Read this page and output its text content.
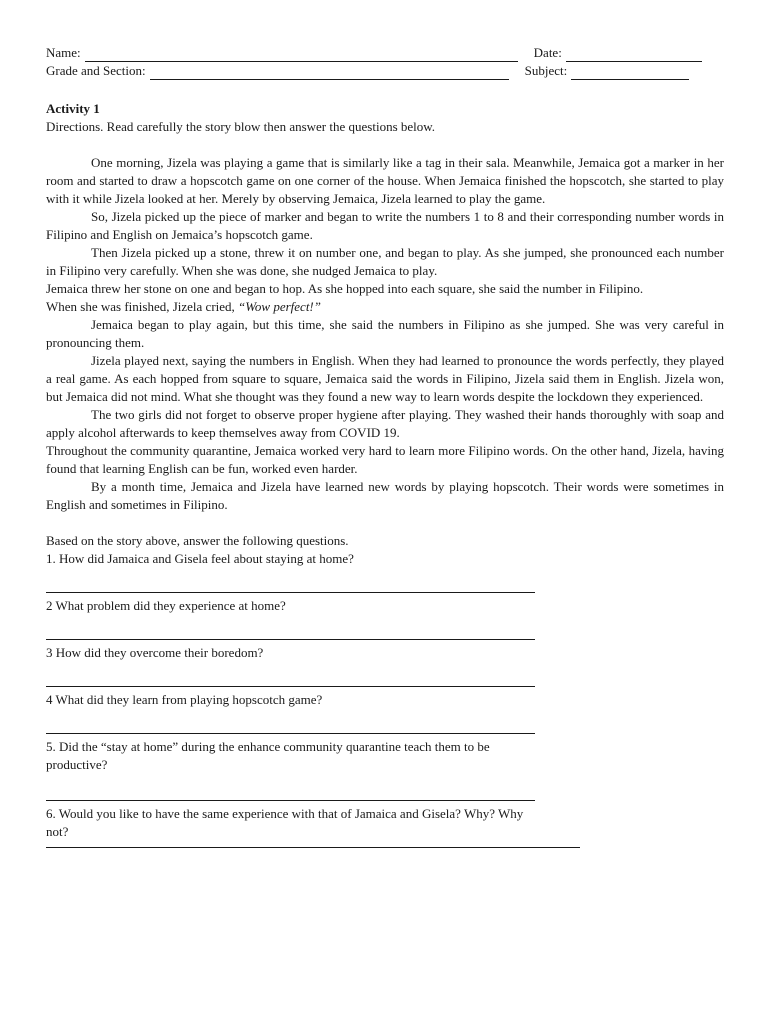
Name:	Date:
Grade and Section:	Subject:
Activity 1

Directions. Read carefully the story blow then answer the questions below.

One morning, Jizela was playing a game that is similarly like a tag in their sala. Meanwhile, Jemaica got a marker in her room and started to draw a hopscotch game on one corner of the house. When Jemaica finished the hopscotch, she started to play with it while Jizela looked at her. Merely by observing Jemaica, Jizela learned to play the game.

So, Jizela picked up the piece of marker and began to write the numbers 1 to 8 and their corresponding number words in Filipino and English on Jemaica’s hopscotch game.

Then Jizela picked up a stone, threw it on number one, and began to play. As she jumped, she pronounced each number in Filipino very carefully. When she was done, she nudged Jemaica to play.

Jemaica threw her stone on one and began to hop. As she hopped into each square, she said the number in Filipino.

When she was finished, Jizela cried, “Wow perfect!”

Jemaica began to play again, but this time, she said the numbers in Filipino as she jumped. She was very careful in pronouncing them.

Jizela played next, saying the numbers in English. When they had learned to pronounce the words perfectly, they played a real game. As each hopped from square to square, Jemaica said the words in Filipino, Jizela said them in English. Jizela won, but Jemaica did not mind. What she thought was they found a new way to learn words despite the lockdown they experienced.

The two girls did not forget to observe proper hygiene after playing. They washed their hands thoroughly with soap and apply alcohol afterwards to keep themselves away from COVID 19.

Throughout the community quarantine, Jemaica worked very hard to learn more Filipino words. On the other hand, Jizela, having found that learning English can be fun, worked even harder.

By a month time, Jemaica and Jizela have learned new words by playing hopscotch. Their words were sometimes in English and sometimes in Filipino.

Based on the story above, answer the following questions.

1. How did Jamaica and Gisela feel about staying at home?

2 What problem did they experience at home?

3 How did they overcome their boredom?

4 What did they learn from playing hopscotch game?

5. Did the “stay at home” during the enhance community quarantine teach them to be productive?

6. Would you like to have the same experience with that of Jamaica and Gisela? Why? Why not?
